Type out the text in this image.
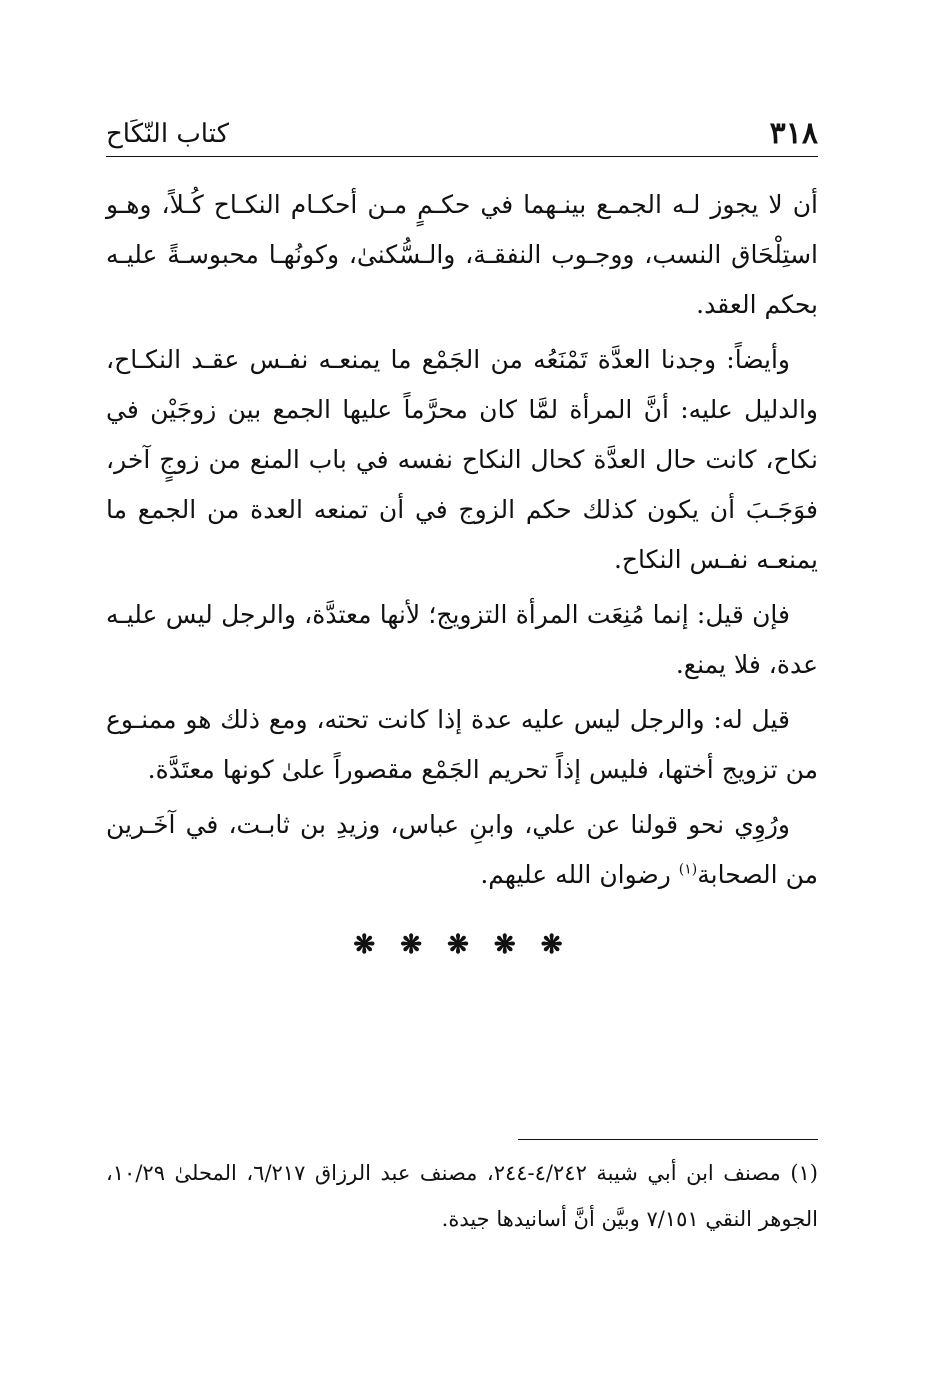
٣١٨
كتاب النّكَاح

أن لا يجوز لـه الجمـع بينـهما في حكـمٍ مـن أحكـام النكـاح كُـلاً، وهـو استِلْحَاق النسب، ووجـوب النفقـة، والـسُّكنىٰ، وكونُهـا محبوسـةً عليـه بحكم العقد.

وأيضاً: وجدنا العدَّة تَمْنَعُه من الجَمْع ما يمنعـه نفـس عقـد النكـاح، والدليل عليه: أنَّ المرأة لمَّا كان محرَّماً عليها الجمع بين زوجَيْن في نكاح، كانت حال العدَّة كحال النكاح نفسه في باب المنع من زوجٍ آخر، فوَجَـبَ أن يكون كذلك حكم الزوج في أن تمنعه العدة من الجمع ما يمنعـه نفـس النكاح.

فإن قيل: إنما مُنِعَت المرأة التزويج؛ لأنها معتدَّة، والرجل ليس عليـه عدة، فلا يمنع.

قيل له: والرجل ليس عليه عدة إذا كانت تحته، ومع ذلك هو ممنـوع من تزويج أختها، فليس إذاً تحريم الجَمْع مقصوراً علىٰ كونها معتَدَّة.

ورُوِي نحو قولنا عن علي، وابنِ عباس، وزيدِ بن ثابـت، في آخَـرين من الصحابة$^{(١)}$ رضوان الله عليهم.

❋ ❋ ❋ ❋ ❋

(١) مصنف ابن أبي شيبة ٤/٢٤٢-٢٤٤، مصنف عبد الرزاق ٦/٢١٧، المحلىٰ ١٠/٢٩، الجوهر النقي ٧/١٥١ وبيَّن أنَّ أسانيدها جيدة.
